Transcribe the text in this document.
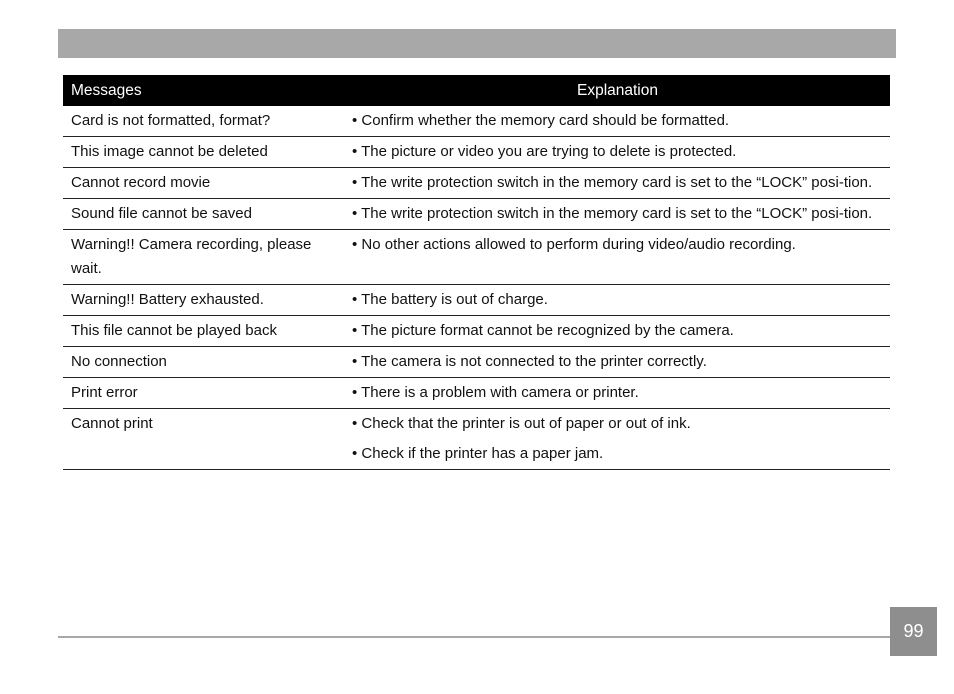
Messages	Explanation
Card is not formatted, format?	• Confirm whether the memory card should be formatted.

This image cannot be deleted	• The picture or video you are trying to delete is protected.

Cannot record movie	• The write protection switch in the memory card is set to the “LOCK” posi-tion.

Sound file cannot be saved	• The write protection switch in the memory card is set to the “LOCK” posi-tion.

Warning!! Camera recording, please wait.	• No other actions allowed to perform during video/audio recording.

Warning!! Battery exhausted.	• The battery is out of charge.

This file cannot be played back	• The picture format cannot be recognized by the camera.

No connection	• The camera is not connected to the printer correctly.

Print error	• There is a problem with camera or printer.

Cannot print	• Check that the printer is out of paper or out of ink.
• Check if the printer has a paper jam.
99
